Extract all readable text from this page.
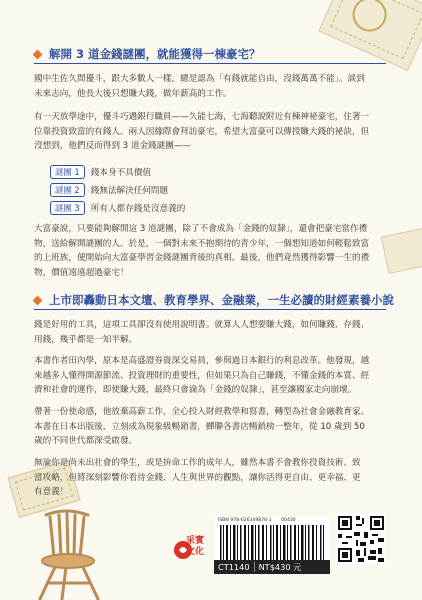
解開 3 道金錢謎團，就能獲得一棟豪宅？
國中生佐久間優斗，跟大多數人一樣，總是認為「有錢就能自由，沒錢萬萬不能」。談到
未來志向，他長大後只想賺大錢，做年薪高的工作。
有一天放學途中，優斗巧遇銀行職員——久能七海，七海聽說附近有棟神祕豪宅，住著一
位靠投資致富的有錢人。兩人因緣際會拜訪豪宅，希望大富豪可以傳授賺大錢的祕訣，但
沒想到，他們反而得到 3 道金錢謎團——
謎團 1	錢本身不具價值
謎團 2	錢無法解決任何問題
謎團 3	所有人都存錢是沒意義的
大富豪說，只要能夠解開這 3 道謎團，除了不會成為「金錢的奴隸」，還會把豪宅當作禮
物，送給解開謎團的人。於是，一個對未來不抱期待的青少年，一個想知道如何輕鬆致富
的上班族，便開始向大富豪學習金錢謎團背後的真相。最後，他們竟然獲得影響一生的禮
物，價值遠遠超過豪宅！
上市即轟動日本文壇、教育學界、金融業，一生必讀的財經素養小說
錢是好用的工具，這項工具卻沒有使用說明書。就算人人想要賺大錢，如何賺錢、存錢、
用錢，幾乎都是一知半解。
本書作者田內學，原本是高盛證券資深交易員，參與過日本銀行的利息改革。他發現，越
來越多人懂得開源節流、投資理財的重要性，但如果只為自己賺錢，不懂金錢的本質、經
濟和社會的運作，即使賺大錢，最終只會淪為「金錢的奴隸」，甚至讓國家走向崩壞。
帶著一份使命感，他放棄高薪工作，全心投入財經教學和寫書，轉型為社會金融教育家。
本書在日本出版後，立刻成為現象級暢銷書，蟬聯各書店暢銷榜一整年，從 10 歲到 50
歲的不同世代都深受啟發。
無論你是尚未出社會的學生，或是拚命工作的成年人，雖然本書不會教你投資技術、致
富攻略，但將深刻影響你看待金錢、人生與世界的觀點，讓你活得更自由、更幸福、更
有意義！
采實文化
ISBN 978-626349876-1 00430
CT1140	NT$430 元
